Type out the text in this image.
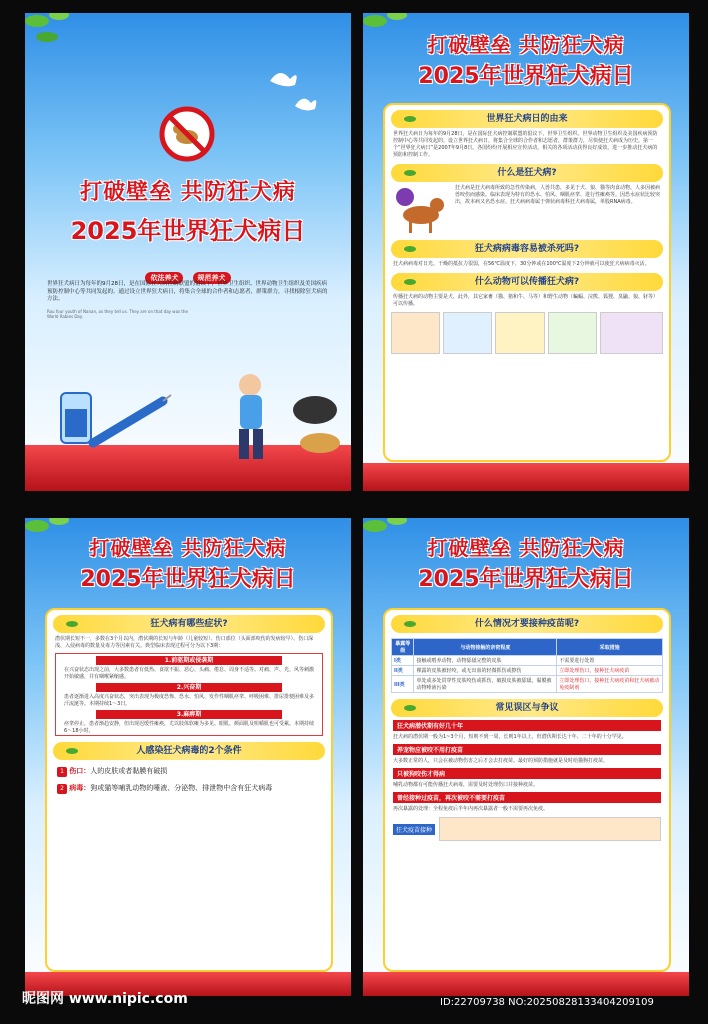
打破壁垒 共防狂犬病
2025年世界狂犬病日
依法养犬	规范养犬
世界狂犬病日为每年的9月28日，是在国际狂犬病控制联盟的倡议下，世界卫生组织、世界动物卫生组织及美国疾病预防控制中心等共同发起的。通过设立世界狂犬病日，将集合全球的合作者和志愿者，群策群力，寻找根除狂犬病的方法。
Rou four youth of Nanan, as they tell us. They are on that day was the World Rabies Day.
打破壁垒 共防狂犬病
2025年世界狂犬病日
世界狂犬病日的由来
世界狂犬病日为每年的9月28日，是在国际狂犬病控制联盟的倡议下，世界卫生组织、世界动物卫生组织及美国疾病预防控制中心等共同发起的。设立世界狂犬病日，将集合全球的合作者和志愿者，群策群力，尽快使狂犬病成为历史。第一个“世界狂犬病日”是2007年9月8日。各国纷纷开展相应宣传活动，相关的各项活动获得良好成效，进一步推动狂犬病的预防和控制工作。
什么是狂犬病?
狂犬病是狂犬病毒所致的急性传染病，人兽共患，多见于犬、狼、猫等肉食动物。人多因被病兽咬伤而感染。临床表现为特有的恐水、怕风、咽肌痉挛、进行性瘫痪等。因恐水症状比较突出，故本病又名恐水症。狂犬病病毒属于弹状病毒科狂犬病毒属，单股RNA病毒。
狂犬病病毒容易被杀死吗?
狂犬病病毒对日光、干燥的抵抗力很弱，在56℃温度下，30分钟或在100℃温度下2分钟就可以使狂犬病病毒灭活。
什么动物可以传播狂犬病?
传播狂犬病的动物主要是犬，此外，其它家畜（猫、猪和牛、马等）和野生动物（蝙蝠、浣熊、狐狸、臭鼬、狼、豺等）可以传播。
打破壁垒 共防狂犬病
2025年世界狂犬病日
狂犬病有哪些症状?
潜伏期长短不一，多数在3个月以内，潜伏期的长短与年龄（儿童较短）、伤口部位（头面部咬伤的发病较早）、伤口深浅、入侵病毒的数量及毒力等因素有关。典型临床表现过程可分为以下3期：
1.前驱期或侵袭期
在兴奋状态出现之前，大多数患者有低热、食欲不振、恶心、头痛、倦怠、周身不适等。对痛、声、光、风等刺激开始敏感，并有咽喉紧缩感。
2.兴奋期
患者逐渐进入高度兴奋状态，突出表现为极度恐怖、恐水、怕风、发作性咽肌痉挛、呼吸困难、排尿排便困难及多汗流涎等。本期持续1～3日。
3.麻痹期
痉挛停止，患者渐趋安静，但出现迟缓性瘫痪，尤以肢体软瘫为多见。眼肌、颜面肌及咀嚼肌也可受累。本期持续6～18小时。
人感染狂犬病毒的2个条件
1 伤口：人的皮肤或者黏膜有破损
2 病毒：狗或猫等哺乳动物的唾液、分泌物、排泄物中含有狂犬病毒
打破壁垒 共防狂犬病
2025年世界狂犬病日
什么情况才要接种疫苗呢?
暴露等级	与动物接触的亲密程度	采取措施
I类	接触或喂养动物，动物舔舐完整的皮肤	不需要进行处置
II类	裸露的皮肤被轻咬，或无出血的轻微抓伤或擦伤	立即处理伤口，接种狂犬病疫苗
III类	单处或多处贯穿性皮肤咬伤或抓伤，破损皮肤被舔舐，黏膜被动物唾液污染	立即处理伤口，接种狂犬病疫苗和狂犬病被动免疫制剂
常见误区与争议
狂犬病潜伏期有好几十年
狂犬病的潜伏期一般为1~3个月，短则不到一周，长则1年以上，但潜伏期长达十年、二十年的十分罕见。
养宠物应被咬不用打疫苗
大多数正常的人，只会在被动物伤害之后才会去打疫苗。最好的预防措施就是及时给猫狗打疫苗。
只被狗咬伤才得病
哺乳动物都有可能传播狂犬病毒，需要及时处理伤口并接种疫苗。
曾经接种过疫苗，再次被咬不需要打疫苗
再次暴露的处理：全程免疫后半年内再次暴露者一般不需要再次免疫。
狂犬疫苗接种
昵图网 www.nipic.com	ID:22709738 NO:20250828133404209109
